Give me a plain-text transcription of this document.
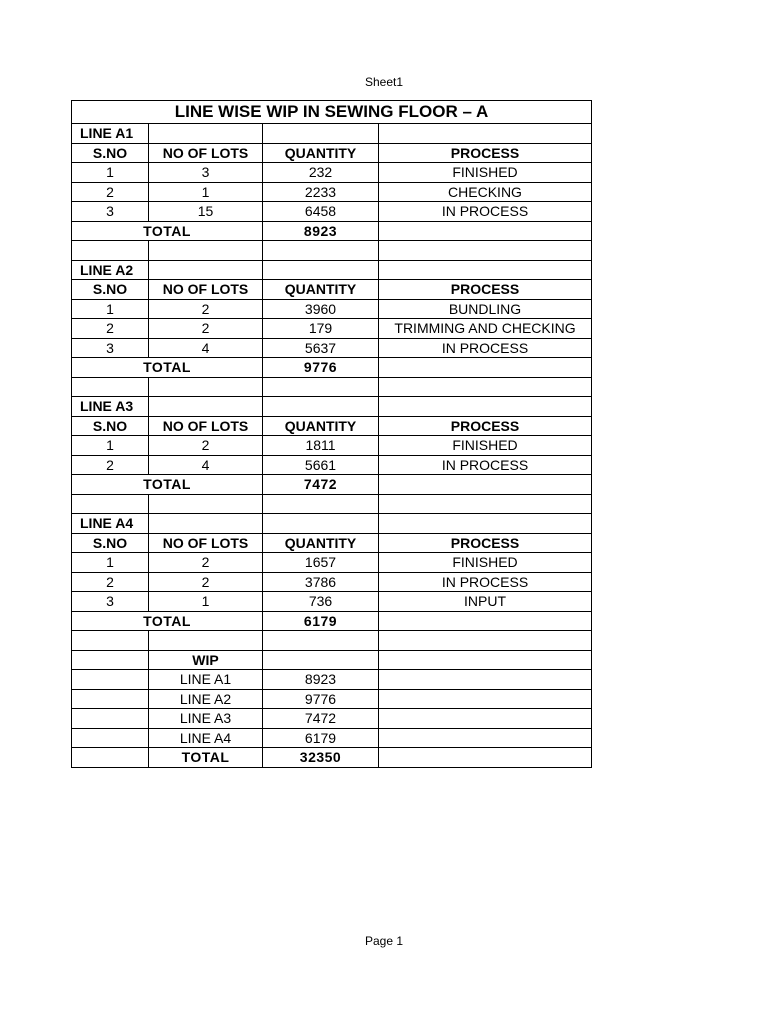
Sheet1
LINE WISE WIP IN SEWING FLOOR – A			
LINE A1			
S.NO	NO OF LOTS	QUANTITY	PROCESS
1	3	232	FINISHED
2	1	2233	CHECKING
3	15	6458	IN PROCESS
TOTAL		8923	

LINE A2			
S.NO	NO OF LOTS	QUANTITY	PROCESS
1	2	3960	BUNDLING
2	2	179	TRIMMING AND CHECKING
3	4	5637	IN PROCESS
TOTAL		9776	

LINE A3			
S.NO	NO OF LOTS	QUANTITY	PROCESS
1	2	1811	FINISHED
2	4	5661	IN PROCESS
TOTAL		7472	

LINE A4			
S.NO	NO OF LOTS	QUANTITY	PROCESS
1	2	1657	FINISHED
2	2	3786	IN PROCESS
3	1	736	INPUT
TOTAL		6179	

	WIP		
	LINE A1	8923	
	LINE A2	9776	
	LINE A3	7472	
	LINE A4	6179	
	TOTAL	32350	
Page 1
